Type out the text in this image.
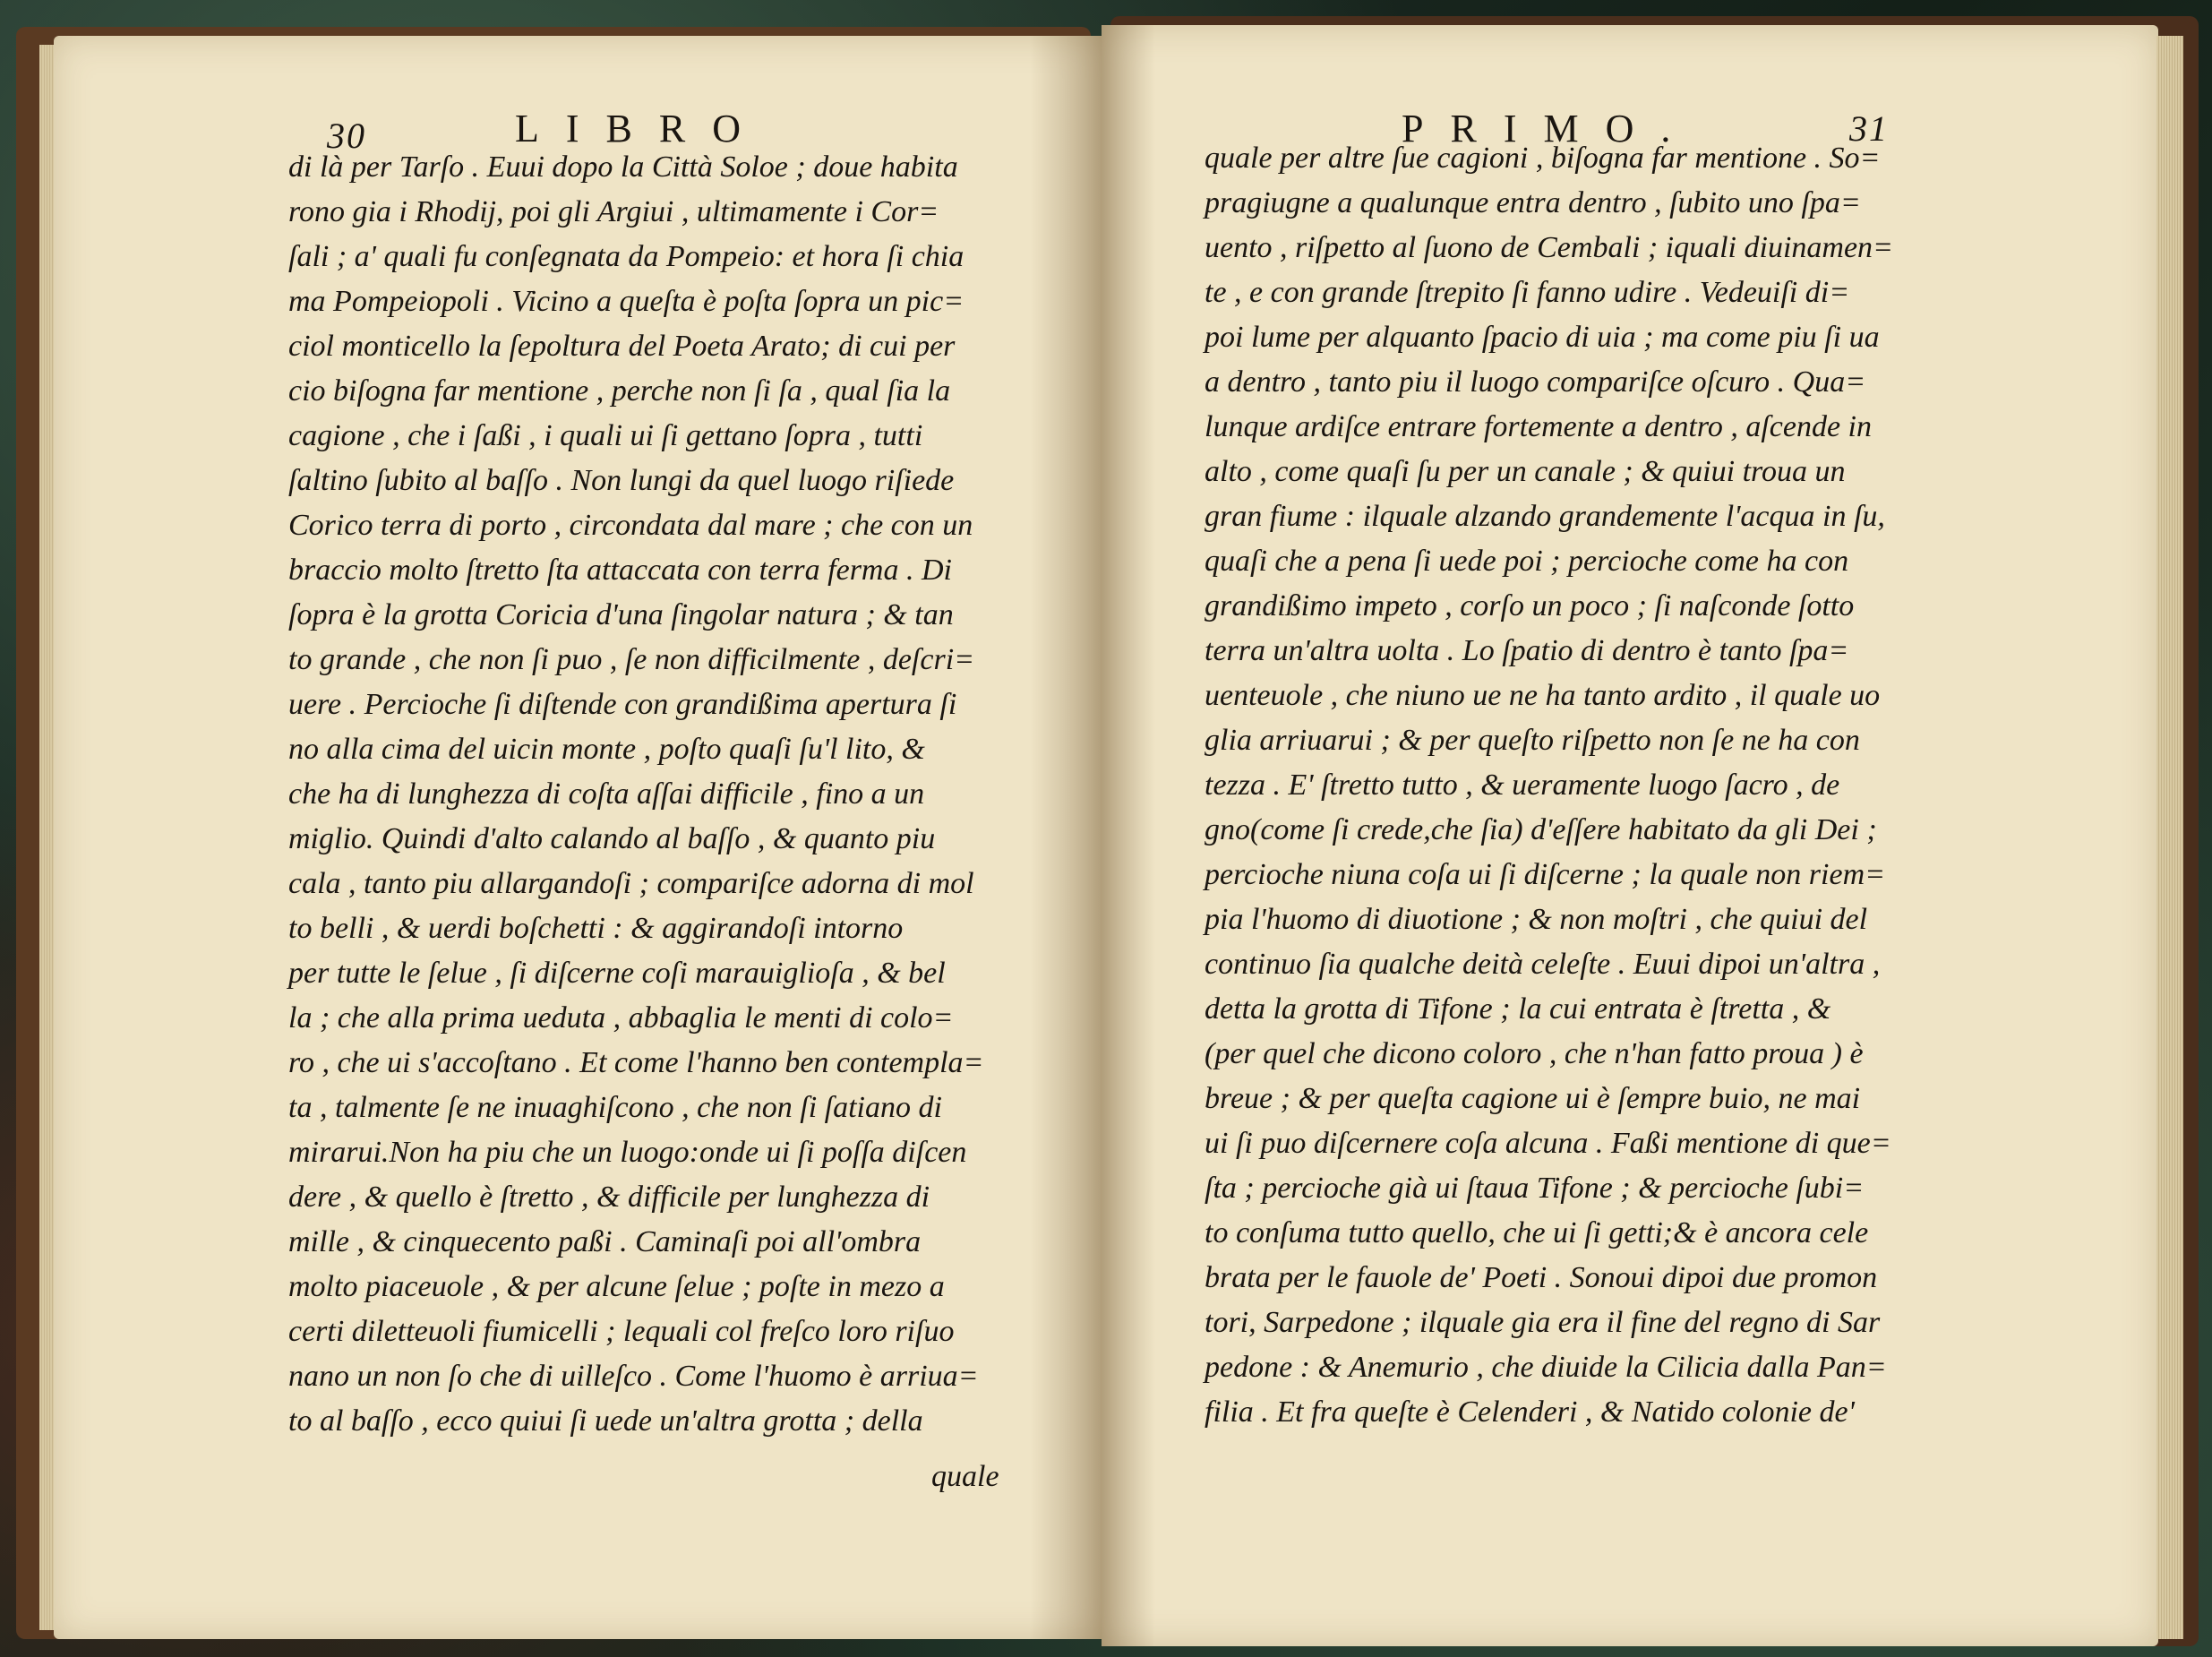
30	LIBRO	PRIMO.	31
di là per Tarſo . Euui dopo la Città Soloe ; doue habita
rono gia i Rhodij, poi gli Argiui , ultimamente i Cor=
ſali ; a' quali fu conſegnata da Pompeio: et hora ſi chia
ma Pompeiopoli . Vicino a queſta è poſta ſopra un pic=
ciol monticello la ſepoltura del Poeta Arato; di cui per
cio biſogna far mentione , perche non ſi ſa , qual ſia la
cagione , che i ſaßi , i quali ui ſi gettano ſopra , tutti
ſaltino ſubito al baſſo . Non lungi da quel luogo riſiede
Corico terra di porto , circondata dal mare ; che con un
braccio molto ſtretto ſta attaccata con terra ferma . Di
ſopra è la grotta Coricia d'una ſingolar natura ; & tan
to grande , che non ſi puo , ſe non difficilmente , deſcri=
uere . Percioche ſi diſtende con grandißima apertura ſi
no alla cima del uicin monte , poſto quaſi ſu'l lito, &
che ha di lunghezza di coſta aſſai difficile , fino a un
miglio. Quindi d'alto calando al baſſo , & quanto piu
cala , tanto piu allargandoſi ; compariſce adorna di mol
to belli , & uerdi boſchetti : & aggirandoſi intorno
per tutte le ſelue , ſi diſcerne coſi marauiglioſa , & bel
la ; che alla prima ueduta , abbaglia le menti di colo=
ro , che ui s'accoſtano . Et come l'hanno ben contempla=
ta , talmente ſe ne inuaghiſcono , che non ſi ſatiano di
mirarui.Non ha piu che un luogo:onde ui ſi poſſa diſcen
dere , & quello è ſtretto , & difficile per lunghezza di
mille , & cinquecento paßi . Caminaſi poi all'ombra
molto piaceuole , & per alcune ſelue ; poſte in mezo a
certi diletteuoli fiumicelli ; lequali col freſco loro riſuo
nano un non ſo che di uilleſco . Come l'huomo è arriua=
to al baſſo , ecco quiui ſi uede un'altra grotta ; della
quale
quale per altre ſue cagioni , biſogna far mentione . So=
pragiugne a qualunque entra dentro , ſubito uno ſpa=
uento , riſpetto al ſuono de Cembali ; iquali diuinamen=
te , e con grande ſtrepito ſi fanno udire . Vedeuiſi di=
poi lume per alquanto ſpacio di uia ; ma come piu ſi ua
a dentro , tanto piu il luogo compariſce oſcuro . Qua=
lunque ardiſce entrare fortemente a dentro , aſcende in
alto , come quaſi ſu per un canale ; & quiui troua un
gran fiume : ilquale alzando grandemente l'acqua in ſu,
quaſi che a pena ſi uede poi ; percioche come ha con
grandißimo impeto , corſo un poco ; ſi naſconde ſotto
terra un'altra uolta . Lo ſpatio di dentro è tanto ſpa=
uenteuole , che niuno ue ne ha tanto ardito , il quale uo
glia arriuarui ; & per queſto riſpetto non ſe ne ha con
tezza . E' ſtretto tutto , & ueramente luogo ſacro , de
gno(come ſi crede,che ſia) d'eſſere habitato da gli Dei ;
percioche niuna coſa ui ſi diſcerne ; la quale non riem=
pia l'huomo di diuotione ; & non moſtri , che quiui del
continuo ſia qualche deità celeſte . Euui dipoi un'altra ,
detta la grotta di Tifone ; la cui entrata è ſtretta , &
(per quel che dicono coloro , che n'han fatto proua ) è
breue ; & per queſta cagione ui è ſempre buio, ne mai
ui ſi puo diſcernere coſa alcuna . Faßi mentione di que=
ſta ; percioche già ui ſtaua Tifone ; & percioche ſubi=
to conſuma tutto quello, che ui ſi getti;& è ancora cele
brata per le fauole de' Poeti . Sonoui dipoi due promon
tori, Sarpedone ; ilquale gia era il fine del regno di Sar
pedone : & Anemurio , che diuide la Cilicia dalla Pan=
filia . Et fra queſte è Celenderi , & Natido colonie de'
